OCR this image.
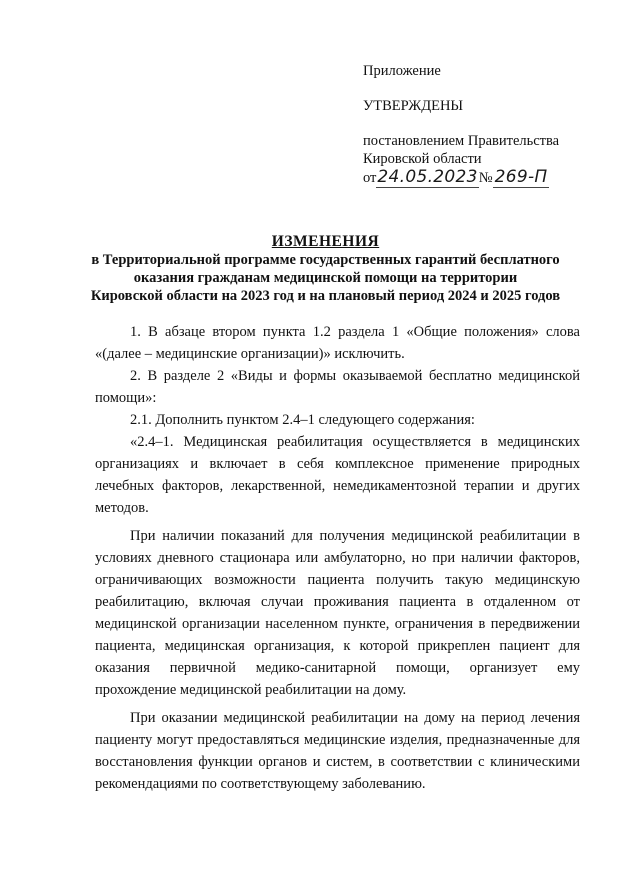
Приложение
УТВЕРЖДЕНЫ
постановлением Правительства
Кировской области
от24.05.2023№ 269-П
ИЗМЕНЕНИЯ
в Территориальной программе государственных гарантий бесплатного
оказания гражданам медицинской помощи на территории
Кировской области на 2023 год и на плановый период 2024 и 2025 годов

1. В абзаце втором пункта 1.2 раздела 1 «Общие положения» слова «(далее – медицинские организации)» исключить.

2. В разделе 2 «Виды и формы оказываемой бесплатно медицинской помощи»:

2.1. Дополнить пунктом 2.4–1 следующего содержания:

«2.4–1. Медицинская реабилитация осуществляется в медицинских организациях и включает в себя комплексное применение природных лечебных факторов, лекарственной, немедикаментозной терапии и других методов.

При наличии показаний для получения медицинской реабилитации в условиях дневного стационара или амбулаторно, но при наличии факторов, ограничивающих возможности пациента получить такую медицинскую реабилитацию, включая случаи проживания пациента в отдаленном от медицинской организации населенном пункте, ограничения в передвижении пациента, медицинская организация, к которой прикреплен пациент для оказания первичной медико-санитарной помощи, организует ему прохождение медицинской реабилитации на дому.

При оказании медицинской реабилитации на дому на период лечения пациенту могут предоставляться медицинские изделия, предназначенные для восстановления функции органов и систем, в соответствии с клиническими рекомендациями по соответствующему заболеванию.
